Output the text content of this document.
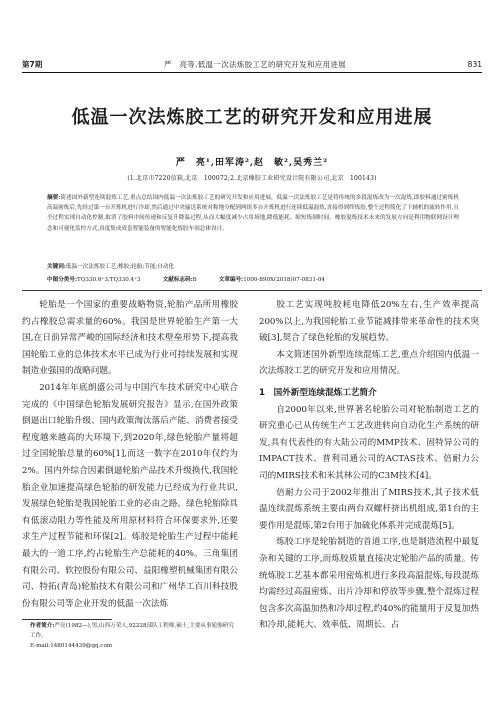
第7期	严　亮等.低温一次法炼胶工艺的研究开发和应用进展	831
低温一次法炼胶工艺的研究开发和应用进展
严　亮¹,田军涛²,赵　敏²,吴秀兰²
(1.北京市7220信箱,北京　100072;2.北京橡胶工业研究设计院有限公司,北京　100143)
摘要:简述国外新型连续混炼工艺,重点总结国内低温一次法炼胶工艺的研究开发和应用进展。低温一次法炼胶工艺是将传统的多段混炼改为一次混炼,即胶料通过密炼机高温密炼后,先经过第一台开炼机进行冷却,然后通过中央输送系统对称地分配到两组多台开炼机进行连续低温混炼,直接得到终炼胶,整个过程简化了下辅机的流转作用,且全过程实现自动化控制,取消了胶料中间传递和反复升降温过程,从而大幅度减少占用场地,降低能耗、缩短炼制时间。橡胶混炼技术未来的发展方向是利用物联网设计理念和可视化监控方式,真度集成成套智能装备的智能化炼胶车间总体设计。
关键词:低温一次法炼胶工艺;橡胶;轮胎;节能;自动化
中图分类号:TQ330.6⁺3;TQ330.4⁺3	文献标志码:B	文章编号:1000-890X(2018)07-0831-04

轮胎是一个国家的重要战略物资,轮胎产品所用橡胶约占橡胶总需求量的60%。我国是世界轮胎生产第一大国,在日前异常严峻的国际经济和技术壁垒形势下,提高我国轮胎工业的总体技术水平已成为行业可持续发展和实现制造业强国的战略问题。

2014年年底朗盛公司与中国汽车技术研究中心联合完成的《中国绿色轮胎发展研究报告》显示,在国外政策倒逼出口轮胎升级、国内政策淘汰落后产能、消费者接受程度越来越高的大环境下,到2020年,绿色轮胎产量将超过全国轮胎总量的60%[1],而这一数字在2010年仅约为2%。国内外综合因素倒逼轮胎产品技术升级换代,我国轮胎企业加速提高绿色轮胎的研发能力已经成为行业共识,发展绿色轮胎是我国轮胎工业的必由之路。绿色轮胎除具有低滚动阻力等性能及所用原材料符合环保要求外,还要求生产过程节能和环保[2]。炼胶是轮胎生产过程中能耗最大的一道工序,约占轮胎生产总能耗的40%。三角集团有限公司、软控股份有限公司、益阳橡塑机械集团有限公司、特拓(青岛)轮胎技术有限公司和广州华工百川科技股份有限公司等企业开发的低温一次法炼

胶工艺实现吨胶耗电降低20%左右,生产效率提高200%以上,为我国轮胎工业节能减排带来革命性的技术突破[3],契合了绿色轮胎的发展趋势。

本文简述国外新型连续混炼工艺,重点介绍国内低温一次法炼胶工艺的研究开发和应用情况。

1　国外新型连续混炼工艺简介

自2000年以来,世界著名轮胎公司对轮胎制造工艺的研究重心已从传统生产工艺改进转向自动化生产系统的研发,具有代表性的有大陆公司的MMP技术、固特异公司的IMPACT技术、普利司通公司的ACTAS技术、倍耐力公司的MIRS技术和米其林公司的C3M技术[4]。

倍耐力公司于2002年推出了MIRS技术,其子技术低温连续混炼系统主要由两台双螺杆挤出机组成,第1台的主要作用是混炼,第2台用于加硫化体系并完成混炼[5]。

炼胶工序是轮胎制造的首道工序,也是制造流程中最复杂和关键的工序,而炼胶质量直接决定轮胎产品的质量。传统炼胶工艺基本都采用密炼机进行多段高温混炼,每段混炼均需经过高温密炼、出片冷却和停放等步骤,整个混炼过程包含多次高温加热和冷却过程,约40%的能量用于反复加热和冷却,能耗大、效率低、周期长、占

作者简介:严亮(1982—),男,山西万荣人,92228部队工程师,硕士,主要从事轮胎研究工作。
E-mail:1480144439@qq.com
